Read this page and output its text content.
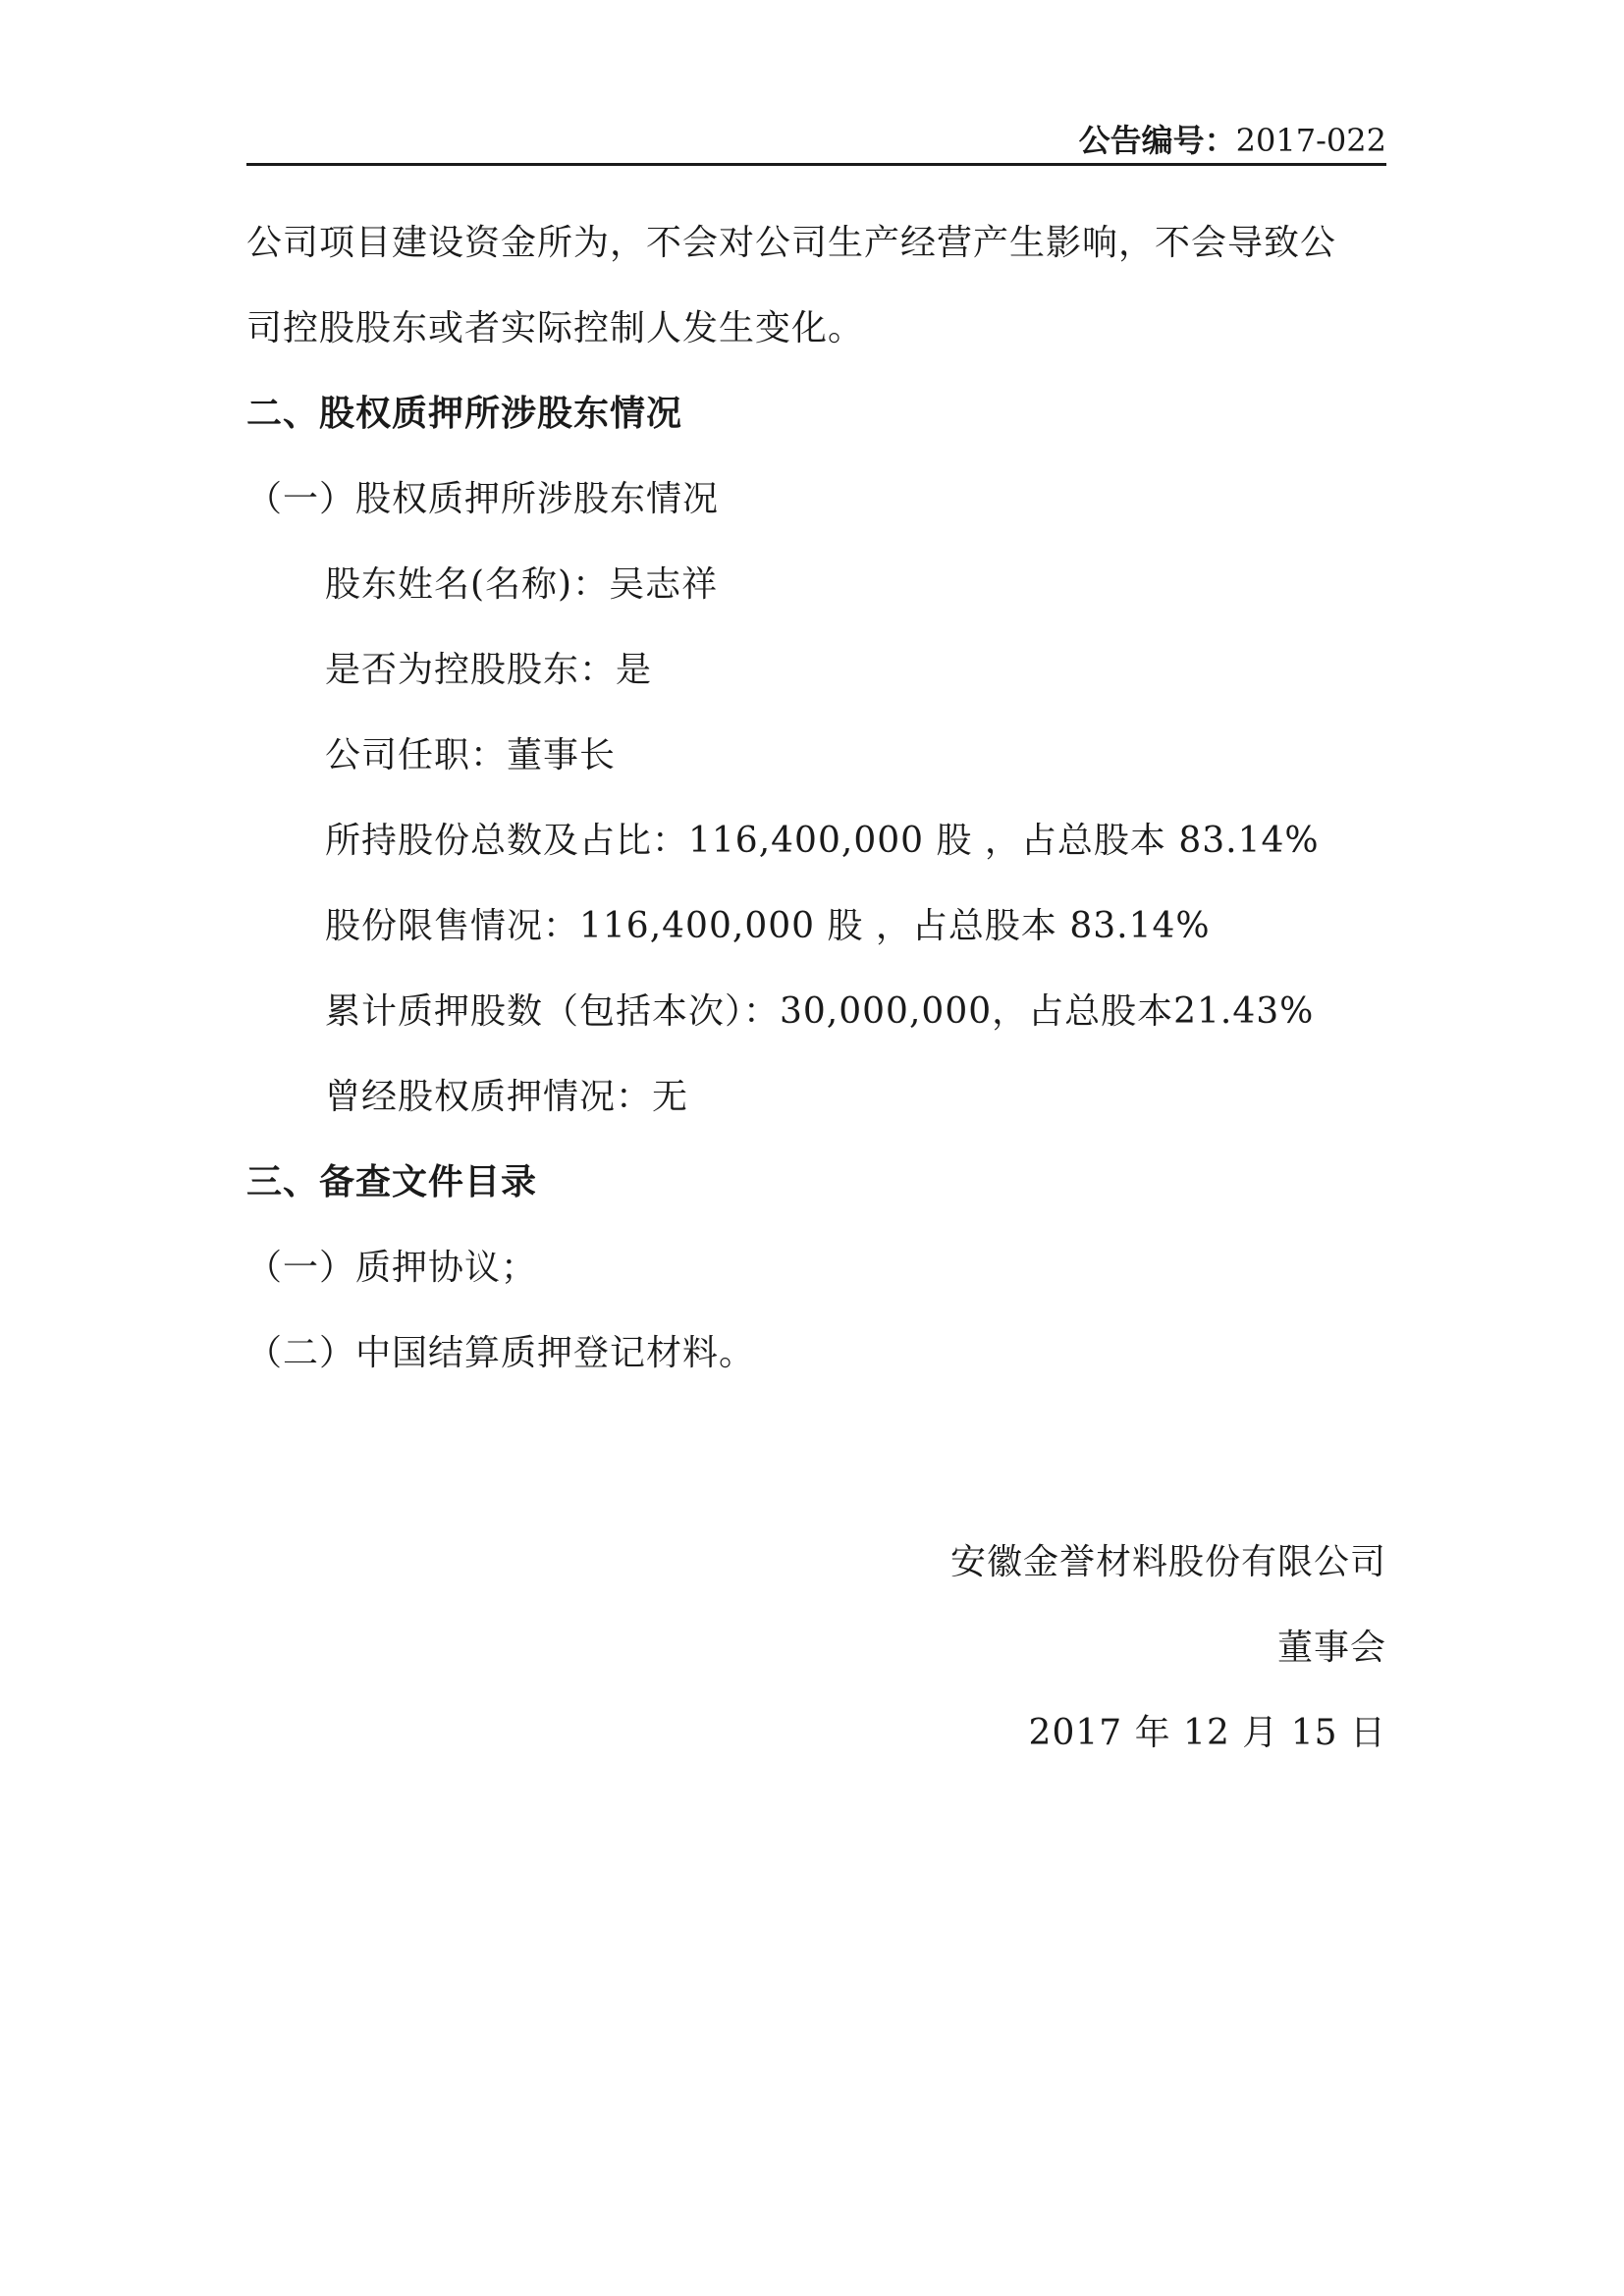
公告编号：2017-022
公司项目建设资金所为，不会对公司生产经营产生影响，不会导致公
司控股股东或者实际控制人发生变化。
二、股权质押所涉股东情况
（一）股权质押所涉股东情况
股东姓名(名称)：吴志祥
是否为控股股东：是
公司任职：董事长
所持股份总数及占比：116,400,000 股 ，占总股本 83.14%
股份限售情况：116,400,000 股 ，占总股本 83.14%
累计质押股数（包括本次）：30,000,000，占总股本21.43%
曾经股权质押情况：无
三、备查文件目录
（一）质押协议；
（二）中国结算质押登记材料。
安徽金誉材料股份有限公司
董事会
2017 年 12 月 15 日
